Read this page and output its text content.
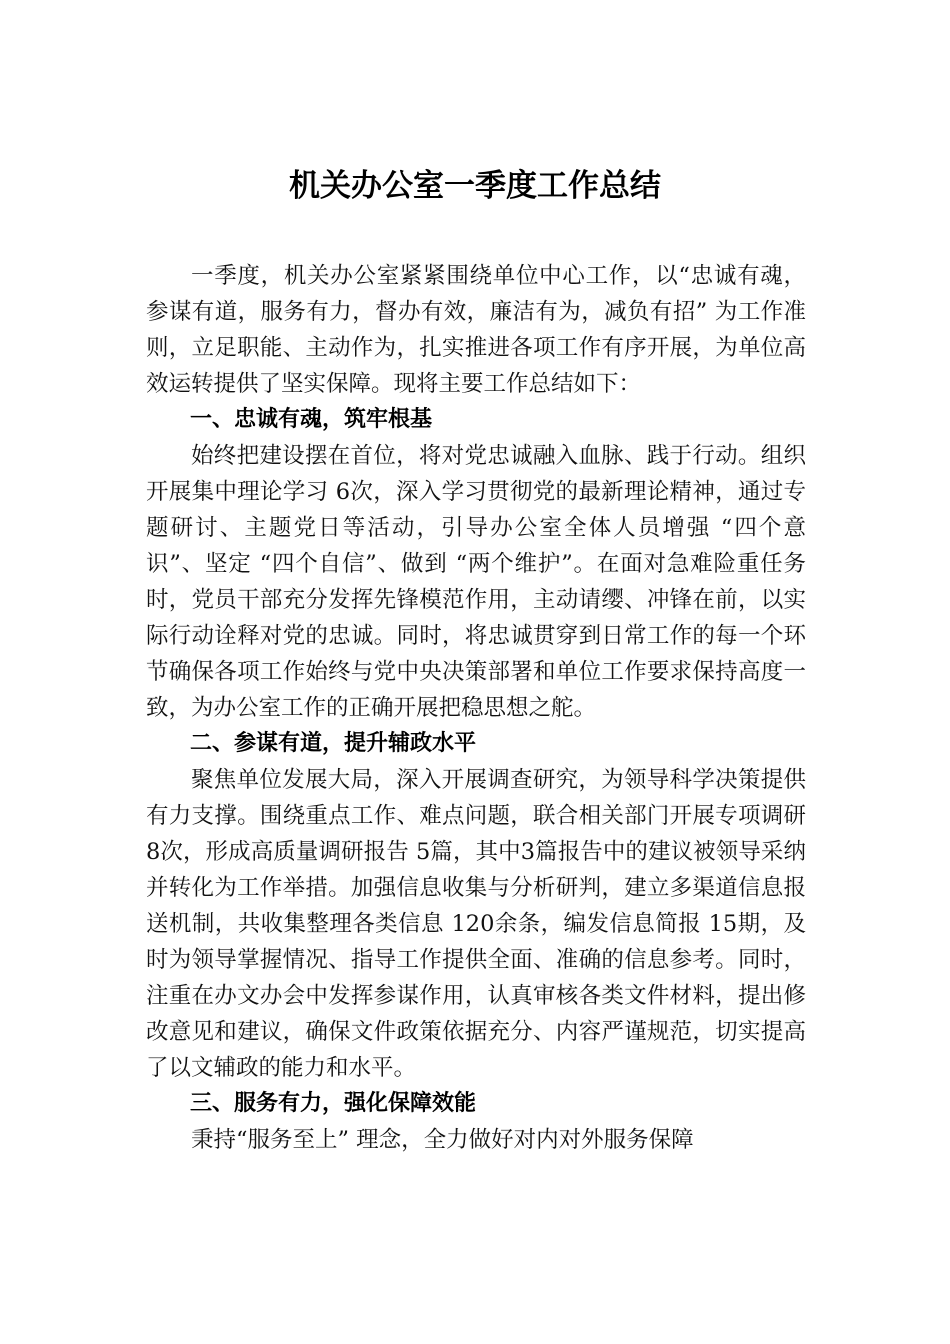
机关办公室一季度工作总结

一季度，机关办公室紧紧围绕单位中心工作，以“忠诚有魂，参谋有道，服务有力，督办有效，廉洁有为，减负有招” 为工作准则，立足职能、主动作为，扎实推进各项工作有序开展，为单位高效运转提供了坚实保障。现将主要工作总结如下：

一、忠诚有魂，筑牢根基

始终把建设摆在首位，将对党忠诚融入血脉、践于行动。组织开展集中理论学习 6次，深入学习贯彻党的最新理论精神，通过专题研讨、主题党日等活动，引导办公室全体人员增强 “四个意识”、坚定 “四个自信”、做到 “两个维护”。在面对急难险重任务时，党员干部充分发挥先锋模范作用，主动请缨、冲锋在前，以实际行动诠释对党的忠诚。同时，将忠诚贯穿到日常工作的每一个环节确保各项工作始终与党中央决策部署和单位工作要求保持高度一致，为办公室工作的正确开展把稳思想之舵。

二、参谋有道，提升辅政水平

聚焦单位发展大局，深入开展调查研究，为领导科学决策提供有力支撑。围绕重点工作、难点问题，联合相关部门开展专项调研 8次，形成高质量调研报告 5篇，其中3篇报告中的建议被领导采纳并转化为工作举措。加强信息收集与分析研判，建立多渠道信息报送机制，共收集整理各类信息 120余条，编发信息简报 15期，及时为领导掌握情况、指导工作提供全面、准确的信息参考。同时，注重在办文办会中发挥参谋作用，认真审核各类文件材料，提出修改意见和建议，确保文件政策依据充分、内容严谨规范，切实提高了以文辅政的能力和水平。

三、服务有力，强化保障效能

秉持“服务至上” 理念，全力做好对内对外服务保障
